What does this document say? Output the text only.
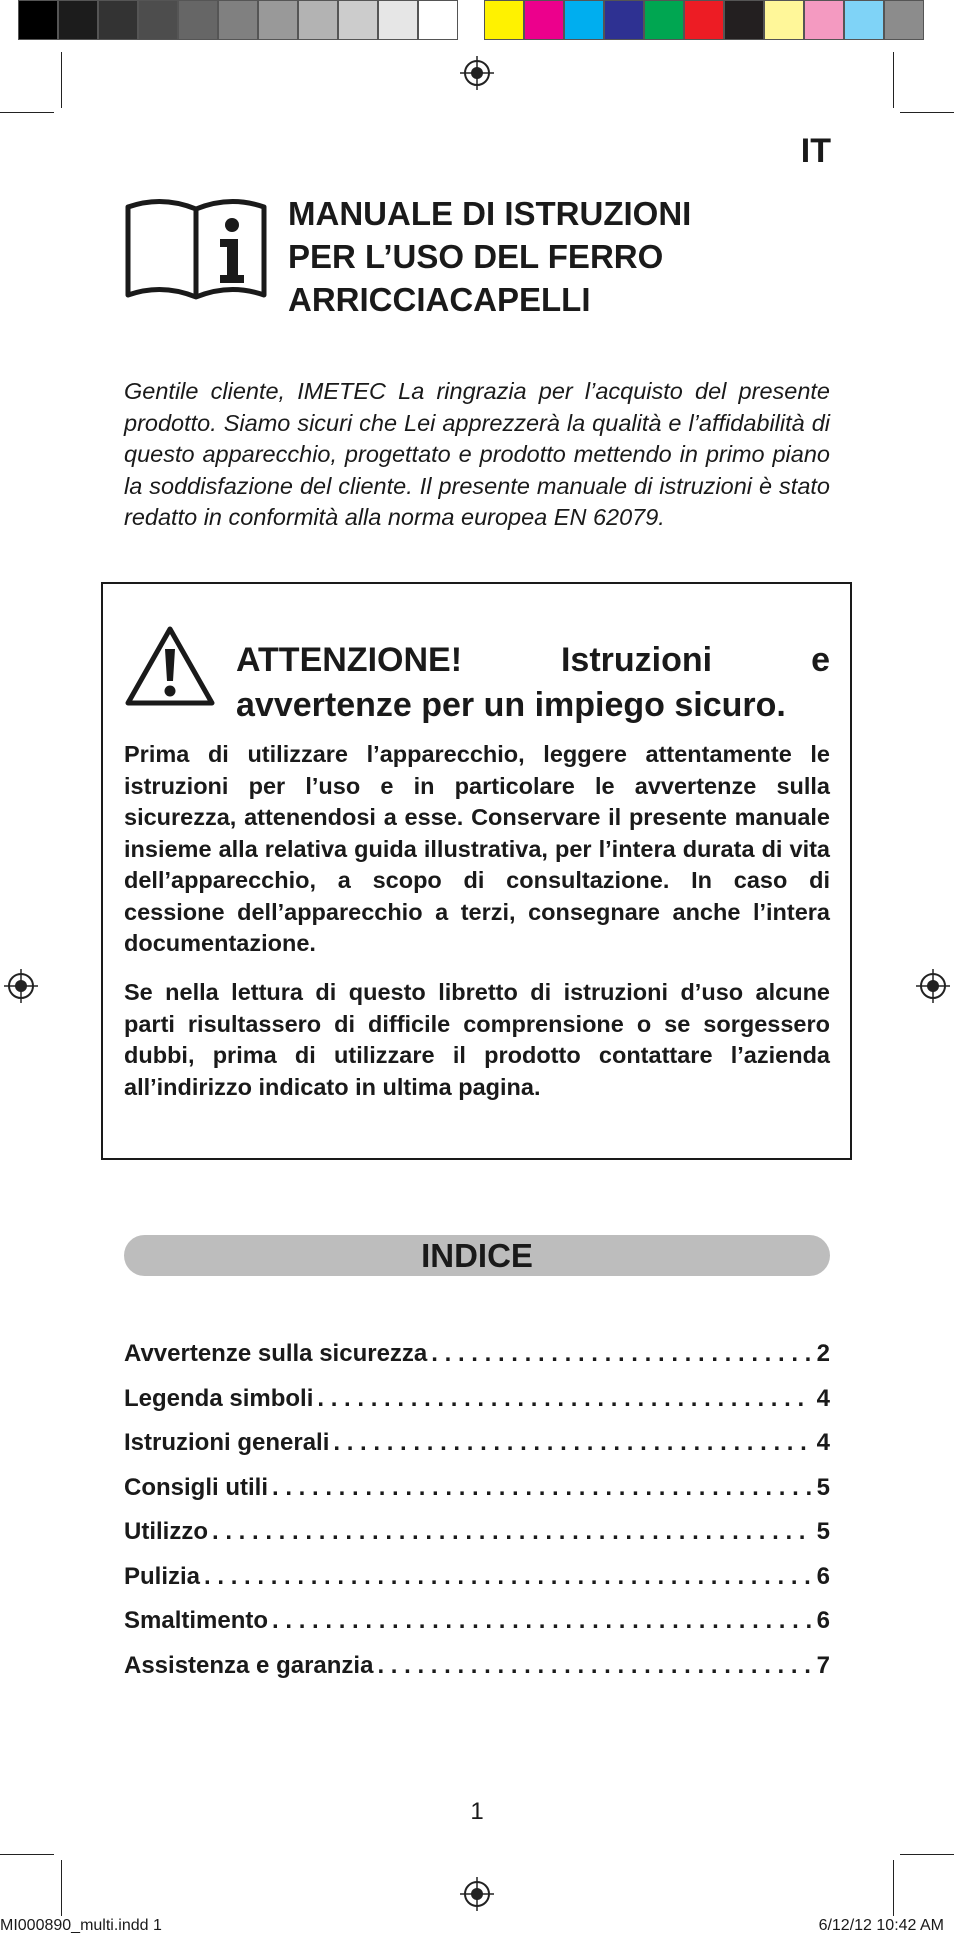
IT
MANUALE DI ISTRUZIONI
PER L’USO DEL FERRO
ARRICCIACAPELLI
Gentile cliente, IMETEC La ringrazia per l’acquisto del presente prodotto. Siamo sicuri che Lei apprezzerà la qualità e l’affidabilità di questo apparecchio, progettato e prodotto mettendo in primo piano la soddisfazione del cliente. Il presente manuale di istruzioni è stato redatto in conformità alla norma europea EN 62079.
ATTENZIONE!	Istruzioni	e
avvertenze per un impiego sicuro.
Prima di utilizzare l’apparecchio, leggere attentamente le istruzioni per l’uso e in particolare le avvertenze sulla sicurezza, attenendosi a esse. Conservare il presente manuale insieme alla relativa guida illustrativa, per l’intera durata di vita dell’apparecchio, a scopo di consultazione. In caso di cessione dell’apparecchio a terzi, consegnare anche l’intera documentazione.
Se nella lettura di questo libretto di istruzioni d’uso alcune parti risultassero di difficile comprensione o se sorgessero dubbi, prima di utilizzare il prodotto contattare l’azienda all’indirizzo indicato in ultima pagina.
INDICE
Avvertenze sulla sicurezza . . .	2
Legenda simboli . . .	4
Istruzioni generali . . .	4
Consigli utili . . .	5
Utilizzo . . .	5
Pulizia . . .	6
Smaltimento . . .	6
Assistenza e garanzia . . .	7
1
MI000890_multi.indd 1	6/12/12 10:42 AM
